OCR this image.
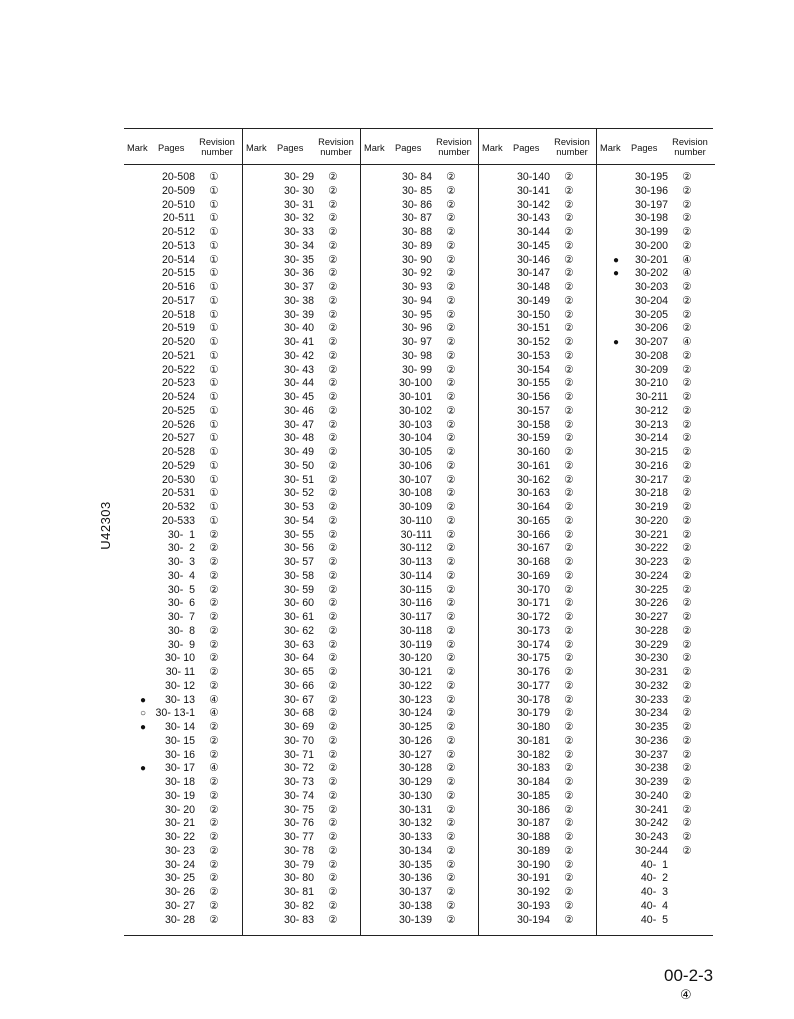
U42303
Mark Pages
Revision number
20-508	①
20-509	①
20-510	①
20-511	①
20-512	①
20-513	①
20-514	①
20-515	①
20-516	①
20-517	①
20-518	①
20-519	①
20-520	①
20-521	①
20-522	①
20-523	①
20-524	①
20-525	①
20-526	①
20-527	①
20-528	①
20-529	①
20-530	①
20-531	①
20-532	①
20-533	①
30-  1	②
30-  2	②
30-  3	②
30-  4	②
30-  5	②
30-  6	②
30-  7	②
30-  8	②
30-  9	②
30- 10	②
30- 11	②
30- 12	②
●	30- 13	④
○ 30- 13-1	④
●	30- 14	②
30- 15	②
30- 16	②
●	30- 17	④
30- 18	②
30- 19	②
30- 20	②
30- 21	②
30- 22	②
30- 23	②
30- 24	②
30- 25	②
30- 26	②
30- 27	②
30- 28	②
Mark Pages
Revision number
30- 29	②
30- 30	②
30- 31	②
30- 32	②
30- 33	②
30- 34	②
30- 35	②
30- 36	②
30- 37	②
30- 38	②
30- 39	②
30- 40	②
30- 41	②
30- 42	②
30- 43	②
30- 44	②
30- 45	②
30- 46	②
30- 47	②
30- 48	②
30- 49	②
30- 50	②
30- 51	②
30- 52	②
30- 53	②
30- 54	②
30- 55	②
30- 56	②
30- 57	②
30- 58	②
30- 59	②
30- 60	②
30- 61	②
30- 62	②
30- 63	②
30- 64	②
30- 65	②
30- 66	②
30- 67	②
30- 68	②
30- 69	②
30- 70	②
30- 71	②
30- 72	②
30- 73	②
30- 74	②
30- 75	②
30- 76	②
30- 77	②
30- 78	②
30- 79	②
30- 80	②
30- 81	②
30- 82	②
30- 83	②
Mark Pages
Revision number
30- 84	②
30- 85	②
30- 86	②
30- 87	②
30- 88	②
30- 89	②
30- 90	②
30- 92	②
30- 93	②
30- 94	②
30- 95	②
30- 96	②
30- 97	②
30- 98	②
30- 99	②
30-100	②
30-101	②
30-102	②
30-103	②
30-104	②
30-105	②
30-106	②
30-107	②
30-108	②
30-109	②
30-110	②
30-111	②
30-112	②
30-113	②
30-114	②
30-115	②
30-116	②
30-117	②
30-118	②
30-119	②
30-120	②
30-121	②
30-122	②
30-123	②
30-124	②
30-125	②
30-126	②
30-127	②
30-128	②
30-129	②
30-130	②
30-131	②
30-132	②
30-133	②
30-134	②
30-135	②
30-136	②
30-137	②
30-138	②
30-139	②
Mark Pages
Revision number
30-140	②
30-141	②
30-142	②
30-143	②
30-144	②
30-145	②
30-146	②
30-147	②
30-148	②
30-149	②
30-150	②
30-151	②
30-152	②
30-153	②
30-154	②
30-155	②
30-156	②
30-157	②
30-158	②
30-159	②
30-160	②
30-161	②
30-162	②
30-163	②
30-164	②
30-165	②
30-166	②
30-167	②
30-168	②
30-169	②
30-170	②
30-171	②
30-172	②
30-173	②
30-174	②
30-175	②
30-176	②
30-177	②
30-178	②
30-179	②
30-180	②
30-181	②
30-182	②
30-183	②
30-184	②
30-185	②
30-186	②
30-187	②
30-188	②
30-189	②
30-190	②
30-191	②
30-192	②
30-193	②
30-194	②
Mark Pages
Revision number
30-195	②
30-196	②
30-197	②
30-198	②
30-199	②
30-200	②
●	30-201	④
●	30-202	④
30-203	②
30-204	②
30-205	②
30-206	②
●	30-207	④
30-208	②
30-209	②
30-210	②
30-211	②
30-212	②
30-213	②
30-214	②
30-215	②
30-216	②
30-217	②
30-218	②
30-219	②
30-220	②
30-221	②
30-222	②
30-223	②
30-224	②
30-225	②
30-226	②
30-227	②
30-228	②
30-229	②
30-230	②
30-231	②
30-232	②
30-233	②
30-234	②
30-235	②
30-236	②
30-237	②
30-238	②
30-239	②
30-240	②
30-241	②
30-242	②
30-243	②
30-244	②
40-  1
40-  2
40-  3
40-  4
40-  5
00-2-3
④
